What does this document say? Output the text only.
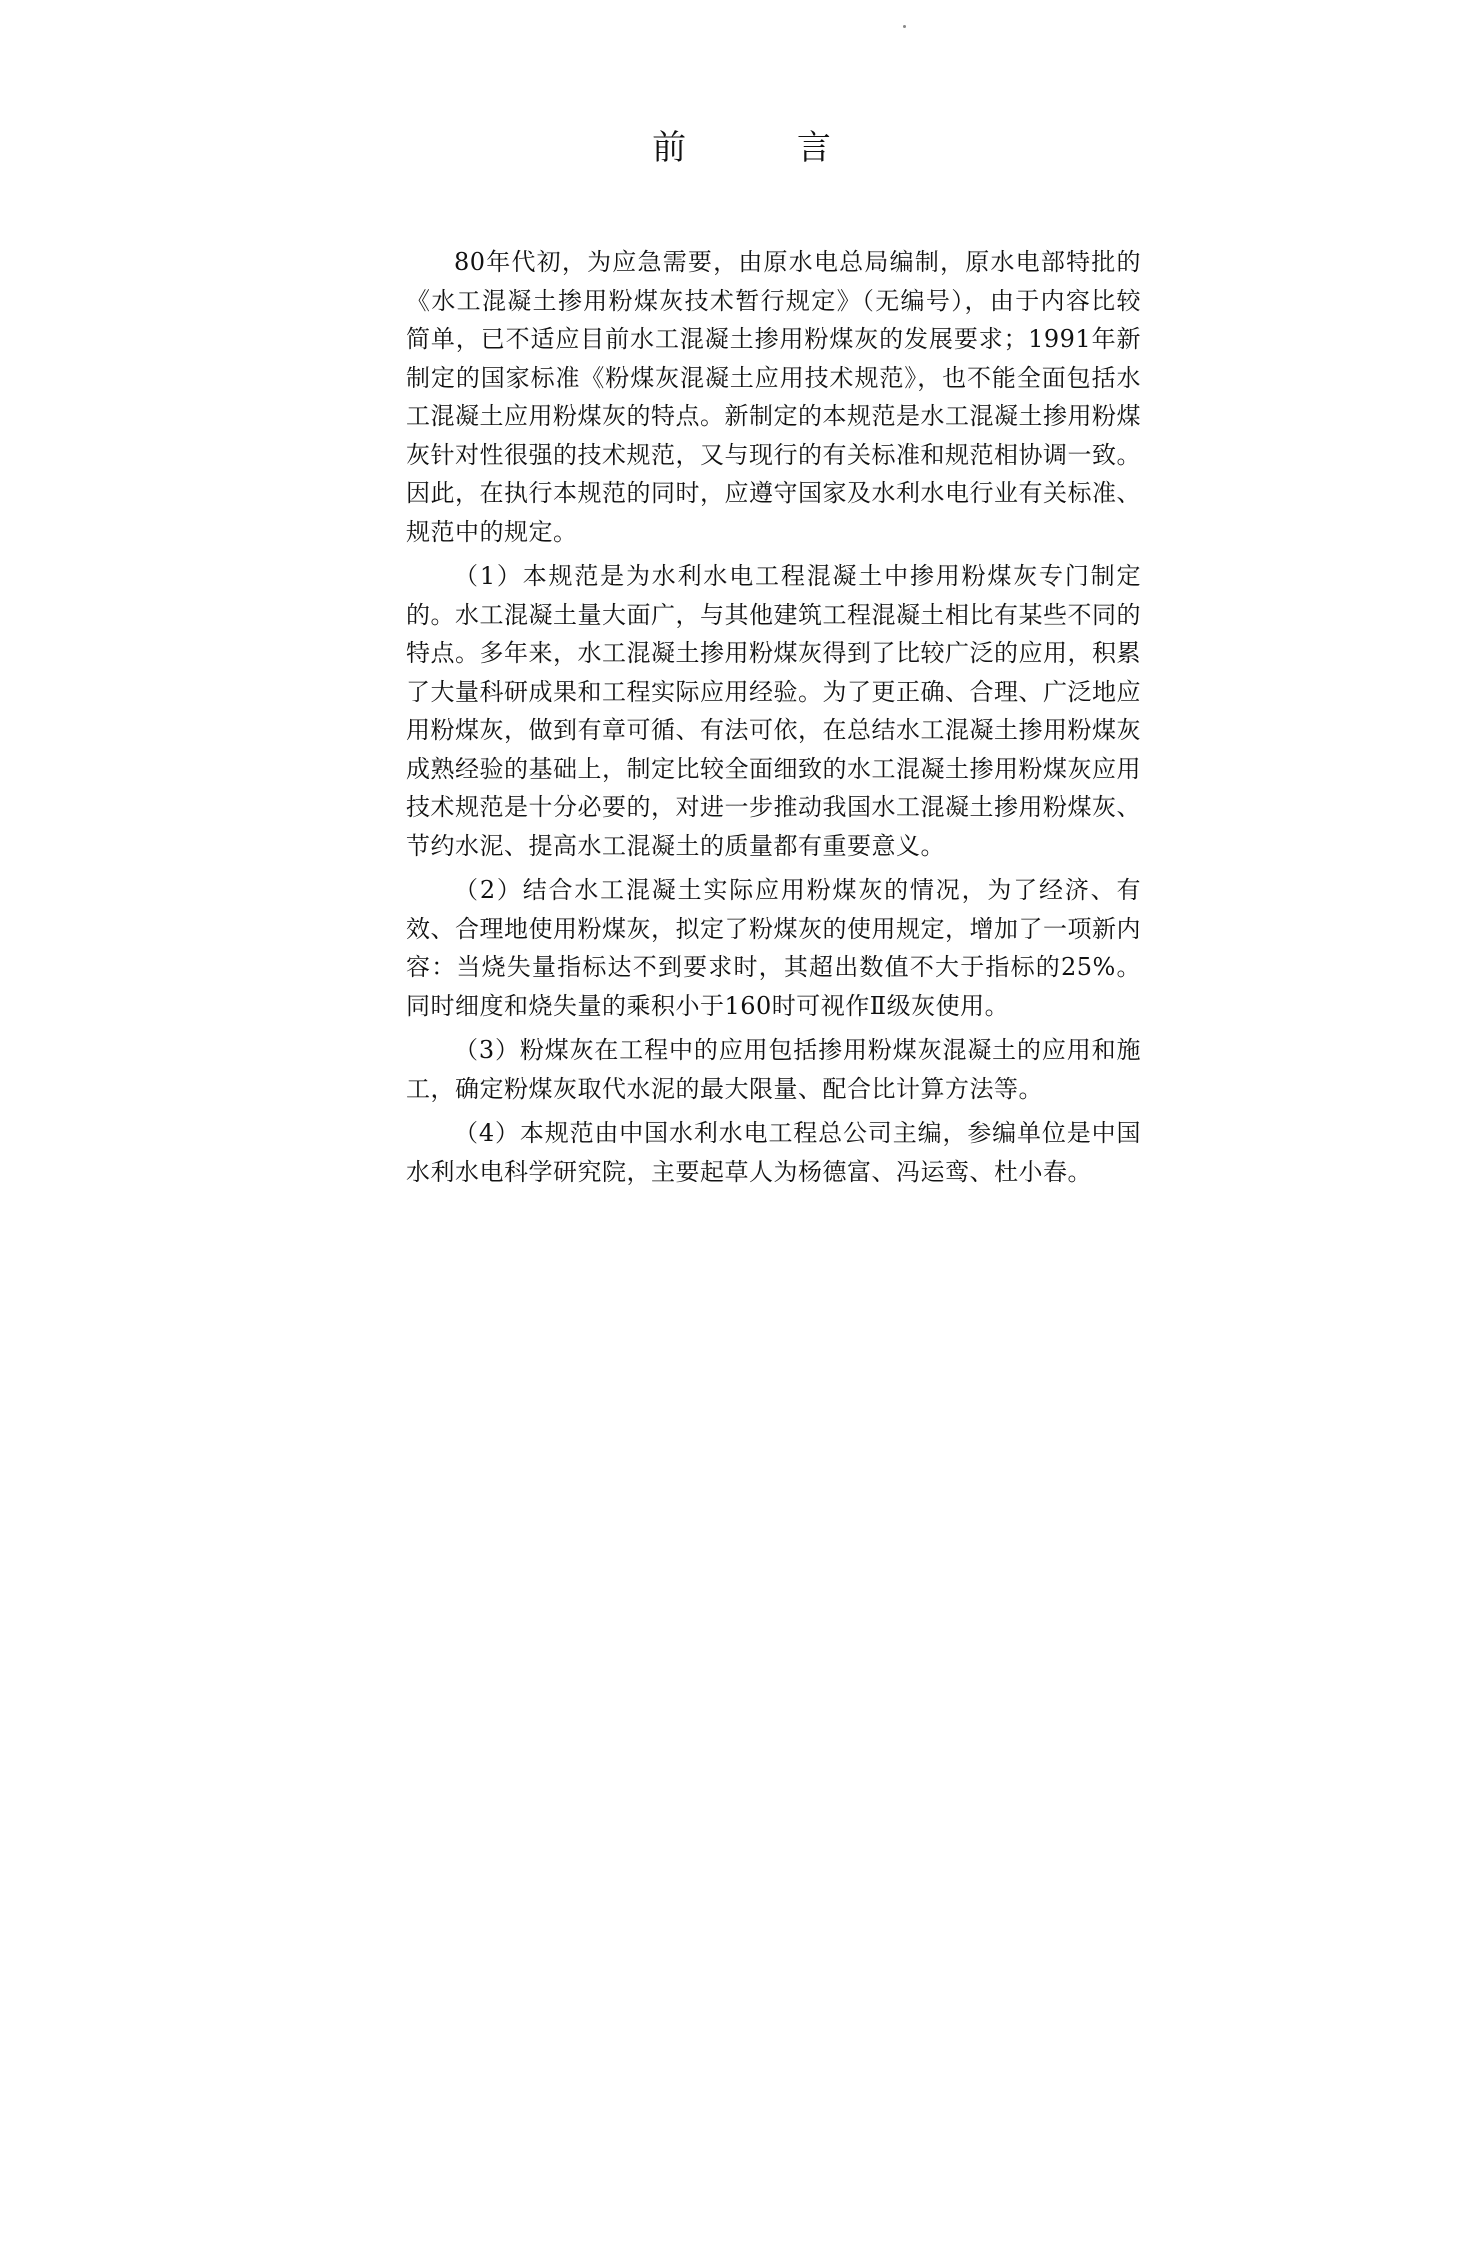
前 言

80年代初，为应急需要，由原水电总局编制，原水电部特批的《水工混凝土掺用粉煤灰技术暂行规定》（无编号），由于内容比较简单，已不适应目前水工混凝土掺用粉煤灰的发展要求；1991年新制定的国家标准《粉煤灰混凝土应用技术规范》，也不能全面包括水工混凝土应用粉煤灰的特点。新制定的本规范是水工混凝土掺用粉煤灰针对性很强的技术规范，又与现行的有关标准和规范相协调一致。因此，在执行本规范的同时，应遵守国家及水利水电行业有关标准、规范中的规定。

（1）本规范是为水利水电工程混凝土中掺用粉煤灰专门制定的。水工混凝土量大面广，与其他建筑工程混凝土相比有某些不同的特点。多年来，水工混凝土掺用粉煤灰得到了比较广泛的应用，积累了大量科研成果和工程实际应用经验。为了更正确、合理、广泛地应用粉煤灰，做到有章可循、有法可依，在总结水工混凝土掺用粉煤灰成熟经验的基础上，制定比较全面细致的水工混凝土掺用粉煤灰应用技术规范是十分必要的，对进一步推动我国水工混凝土掺用粉煤灰、节约水泥、提高水工混凝土的质量都有重要意义。

（2）结合水工混凝土实际应用粉煤灰的情况，为了经济、有效、合理地使用粉煤灰，拟定了粉煤灰的使用规定，增加了一项新内容：当烧失量指标达不到要求时，其超出数值不大于指标的25%。同时细度和烧失量的乘积小于160时可视作Ⅱ级灰使用。

（3）粉煤灰在工程中的应用包括掺用粉煤灰混凝土的应用和施工，确定粉煤灰取代水泥的最大限量、配合比计算方法等。

（4）本规范由中国水利水电工程总公司主编，参编单位是中国水利水电科学研究院，主要起草人为杨德富、冯运鸾、杜小春。
